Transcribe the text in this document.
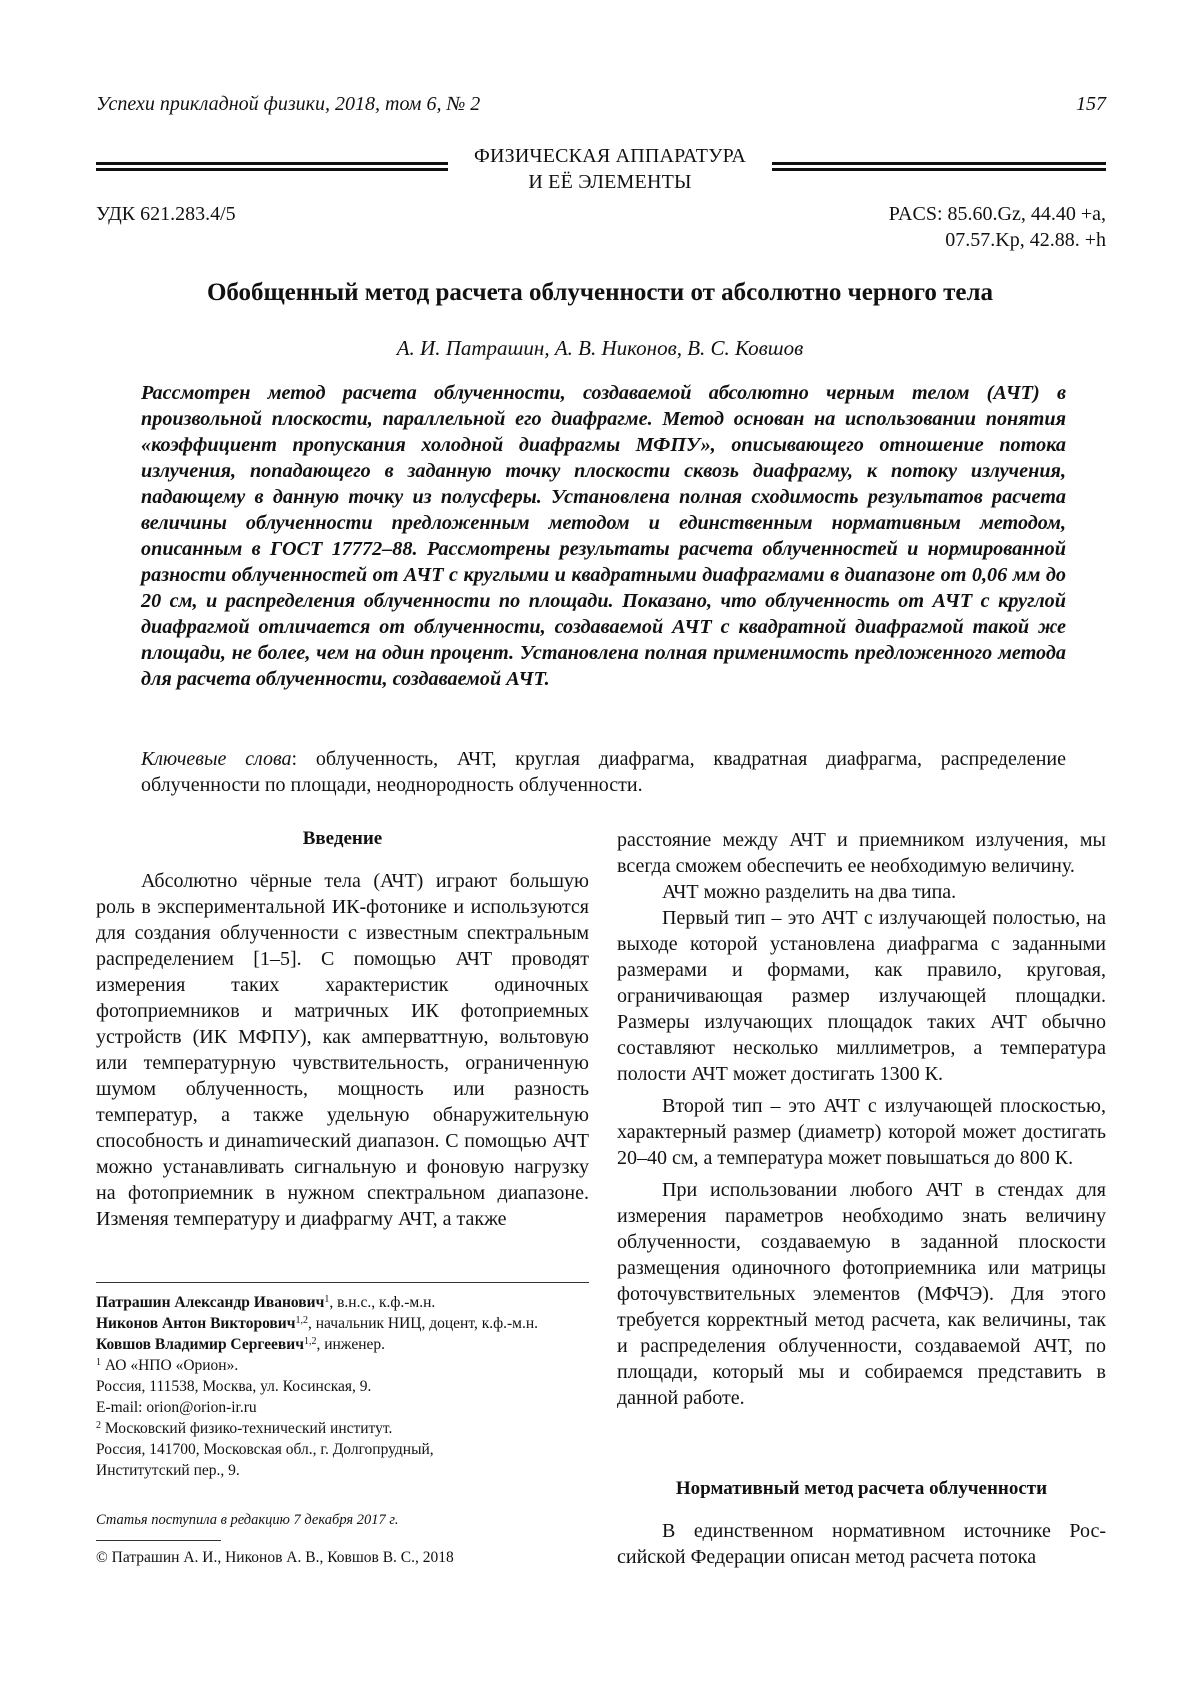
Успехи прикладной физики, 2018, том 6, № 2	157
ФИЗИЧЕСКАЯ АППАРАТУРА
И ЕЁ ЭЛЕМЕНТЫ
УДК 621.283.4/5	PACS: 85.60.Gz, 44.40 +a,
07.57.Kp, 42.88. +h
Обобщенный метод расчета облученности от абсолютно черного тела
А. И. Патрашин, А. В. Никонов, В. С. Ковшов
Рассмотрен метод расчета облученности, создаваемой абсолютно черным телом (АЧТ) в произвольной плоскости, параллельной его диафрагме. Метод основан на использовании понятия «коэффициент пропускания холодной диафрагмы МФПУ», описывающего отношение потока излучения, попадающего в заданную точку плоскости сквозь диафрагму, к потоку излучения, падающему в данную точку из полусферы. Установлена полная сходимость результатов расчета величины облученности предложенным методом и единственным нормативным методом, описанным в ГОСТ 17772–88. Рассмотрены результаты расчета облученностей и нормированной разности облученностей от АЧТ с круглыми и квадратными диафрагмами в диапазоне от 0,06 мм до 20 см, и распределения облученности по площади. Показано, что облученность от АЧТ с круглой диафрагмой отличается от облученности, создаваемой АЧТ с квадратной диафрагмой такой же площади, не более, чем на один процент. Установлена полная применимость предложенного метода для расчета облученности, создаваемой АЧТ.
Ключевые слова: облученность, АЧТ, круглая диафрагма, квадратная диафрагма, распределение облученности по площади, неоднородность облученности.
Введение

Абсолютно чёрные тела (АЧТ) играют большую роль в экспериментальной ИК-фотонике и используются для создания облученности с известным спектральным распределением [1–5]. С помощью АЧТ проводят измерения таких характеристик одиночных фотоприемников и матричных ИК фотоприемных устройств (ИК МФПУ), как амперваттную, вольтовую или температурную чувствительность, ограниченную шумом облученность, мощность или разность температур, а также удельную обнаружительную способность и динаmический диапазон. С помощью АЧТ можно устанавливать сигнальную и фоновую нагрузку на фотоприемник в нужном спектральном диапазоне. Изменяя температуру и диафрагму АЧТ, а также

Патрашин Александр Иванович$^1$, в.н.с., к.ф.-м.н.
Никонов Антон Викторович$^{1,2}$, начальник НИЦ, доцент, к.ф.-м.н.
Ковшов Владимир Сергеевич$^{1,2}$, инженер.
$^1$ АО «НПО «Орион».
Россия, 111538, Москва, ул. Косинская, 9.
E-mail: orion@orion-ir.ru
$^2$ Московский физико-технический институт.
Россия, 141700, Московская обл., г. Долгопрудный,
Институтский пер., 9.
Статья поступила в редакцию 7 декабря 2017 г.
© Патрашин А. И., Никонов А. В., Ковшов В. С., 2018

расстояние между АЧТ и приемником излучения, мы всегда сможем обеспечить ее необходимую величину.

АЧТ можно разделить на два типа.

Первый тип – это АЧТ с излучающей полостью, на выходе которой установлена диафрагма с заданными размерами и формами, как правило, круговая, ограничивающая размер излучающей площадки. Размеры излучающих площадок таких АЧТ обычно составляют несколько миллиметров, а температура полости АЧТ может достигать 1300 К.

Второй тип – это АЧТ с излучающей плоскостью, характерный размер (диаметр) которой может достигать 20–40 см, а температура может повышаться до 800 К.

При использовании любого АЧТ в стендах для измерения параметров необходимо знать величину облученности, создаваемую в заданной плоскости размещения одиночного фотоприемника или матрицы фоточувствительных элементов (МФЧЭ). Для этого требуется корректный метод расчета, как величины, так и распределения облученности, создаваемой АЧТ, по площади, который мы и собираемся представить в данной работе.

Нормативный метод расчета облученности

В единственном нормативном источнике Российской Федерации описан метод расчета потока
